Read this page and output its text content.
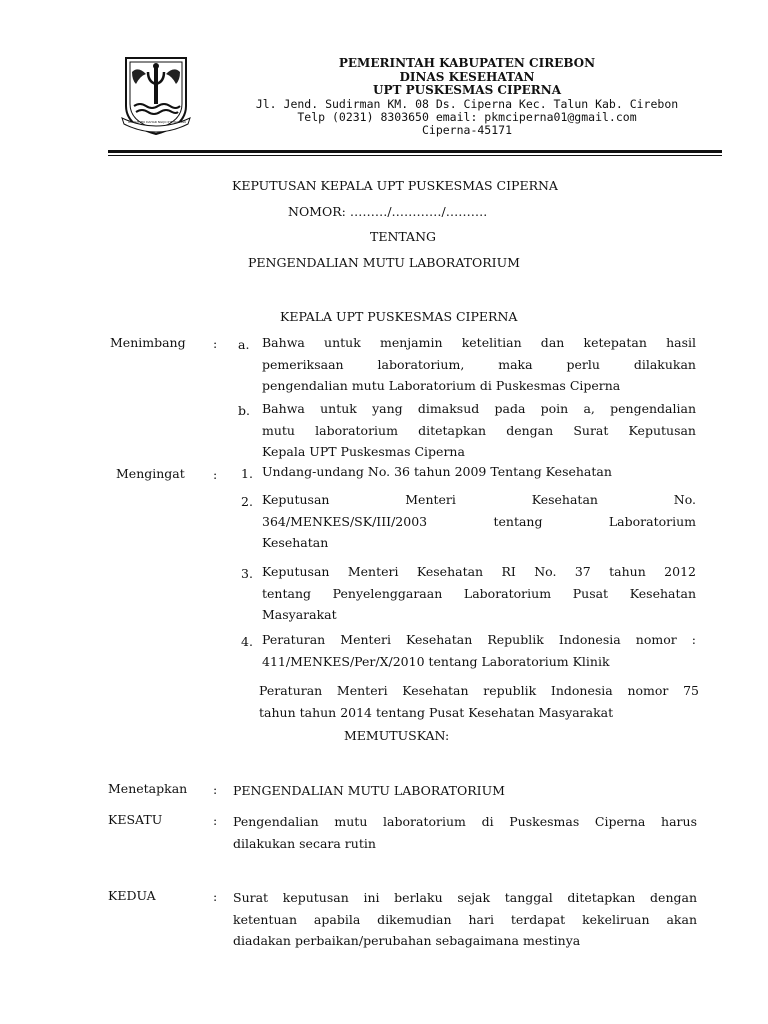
RAMAH IBU DAHAR NGIJO IHE PADAAN
PEMERINTAH KABUPATEN CIREBON
DINAS KESEHATAN
UPT PUSKESMAS CIPERNA
Jl. Jend. Sudirman KM. 08 Ds. Ciperna Kec. Talun Kab. Cirebon
Telp (0231) 8303650 email: pkmciperna01@gmail.com
Ciperna-45171
KEPUTUSAN KEPALA UPT PUSKESMAS CIPERNA
NOMOR: ………/…………/……….
TENTANG
PENGENDALIAN MUTU LABORATORIUM
KEPALA UPT PUSKESMAS CIPERNA
Menimbang : a. Bahwa untuk menjamin ketelitian dan ketepatan hasil
pemeriksaan laboratorium, maka perlu dilakukan
pengendalian mutu Laboratorium di Puskesmas Ciperna
b. Bahwa untuk yang dimaksud pada poin a, pengendalian
mutu laboratorium ditetapkan dengan Surat Keputusan
Kepala UPT Puskesmas Ciperna
Mengingat : 1. Undang-undang No. 36 tahun 2009 Tentang Kesehatan
2. Keputusan Menteri Kesehatan No.
364/MENKES/SK/III/2003 tentang Laboratorium
Kesehatan
3. Keputusan Menteri Kesehatan RI No. 37 tahun 2012
tentang Penyelenggaraan Laboratorium Pusat Kesehatan
Masyarakat
4. Peraturan Menteri Kesehatan Republik Indonesia nomor :
411/MENKES/Per/X/2010 tentang Laboratorium Klinik
Peraturan Menteri Kesehatan republik Indonesia nomor 75
tahun tahun 2014 tentang Pusat Kesehatan Masyarakat
MEMUTUSKAN:
Menetapkan : PENGENDALIAN MUTU LABORATORIUM
KESATU	: Pengendalian mutu laboratorium di Puskesmas Ciperna harus
dilakukan secara rutin
KEDUA	: Surat keputusan ini berlaku sejak tanggal ditetapkan dengan
ketentuan apabila dikemudian hari terdapat kekeliruan akan
diadakan perbaikan/perubahan sebagaimana mestinya
